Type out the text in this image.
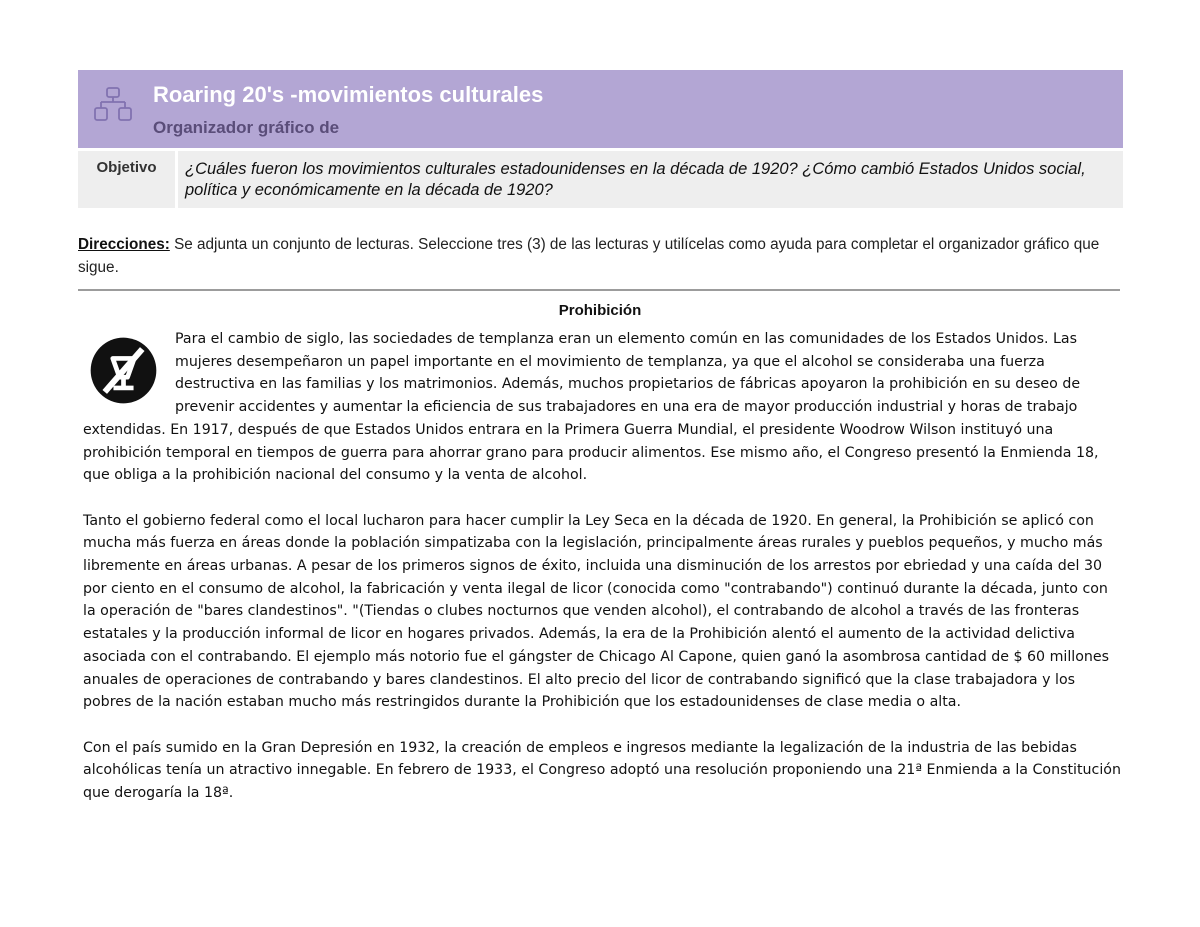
Roaring 20's -movimientos culturales
Organizador gráfico de
Objetivo	¿Cuáles fueron los movimientos culturales estadounidenses en la década de 1920? ¿Cómo cambió Estados Unidos social, política y económicamente en la década de 1920?
Direcciones: Se adjunta un conjunto de lecturas. Seleccione tres (3) de las lecturas y utilícelas como ayuda para completar el organizador gráfico que sigue.
Prohibición

Para el cambio de siglo, las sociedades de templanza eran un elemento común en las comunidades de los Estados Unidos. Las mujeres desempeñaron un papel importante en el movimiento de templanza, ya que el alcohol se consideraba una fuerza destructiva en las familias y los matrimonios. Además, muchos propietarios de fábricas apoyaron la prohibición en su deseo de prevenir accidentes y aumentar la eficiencia de sus trabajadores en una era de mayor producción industrial y horas de trabajo extendidas. En 1917, después de que Estados Unidos entrara en la Primera Guerra Mundial, el presidente Woodrow Wilson instituyó una prohibición temporal en tiempos de guerra para ahorrar grano para producir alimentos. Ese mismo año, el Congreso presentó la Enmienda 18, que obliga a la prohibición nacional del consumo y la venta de alcohol.

Tanto el gobierno federal como el local lucharon para hacer cumplir la Ley Seca en la década de 1920. En general, la Prohibición se aplicó con mucha más fuerza en áreas donde la población simpatizaba con la legislación, principalmente áreas rurales y pueblos pequeños, y mucho más libremente en áreas urbanas. A pesar de los primeros signos de éxito, incluida una disminución de los arrestos por ebriedad y una caída del 30 por ciento en el consumo de alcohol, la fabricación y venta ilegal de licor (conocida como "contrabando") continuó durante la década, junto con la operación de "bares clandestinos". "(Tiendas o clubes nocturnos que venden alcohol), el contrabando de alcohol a través de las fronteras estatales y la producción informal de licor en hogares privados. Además, la era de la Prohibición alentó el aumento de la actividad delictiva asociada con el contrabando. El ejemplo más notorio fue el gángster de Chicago Al Capone, quien ganó la asombrosa cantidad de $ 60 millones anuales de operaciones de contrabando y bares clandestinos. El alto precio del licor de contrabando significó que la clase trabajadora y los pobres de la nación estaban mucho más restringidos durante la Prohibición que los estadounidenses de clase media o alta.

Con el país sumido en la Gran Depresión en 1932, la creación de empleos e ingresos mediante la legalización de la industria de las bebidas alcohólicas tenía un atractivo innegable. En febrero de 1933, el Congreso adoptó una resolución proponiendo una 21ª Enmienda a la Constitución que derogaría la 18ª.
